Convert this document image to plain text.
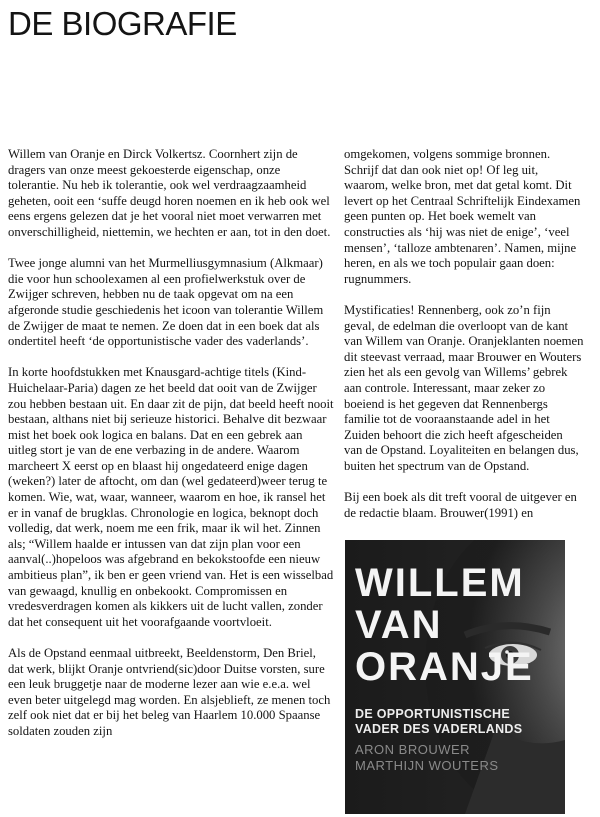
DE BIOGRAFIE

Willem van Oranje en Dirck Volkertsz. Coornhert zijn de dragers van onze meest gekoesterde eigenschap, onze tolerantie. Nu heb ik tolerantie, ook wel verdraagzaamheid geheten, ooit een ‘suffe deugd horen noemen en ik heb ook wel eens ergens gelezen dat je het vooral niet moet verwarren met onverschilligheid, niettemin, we hechten er aan, tot in den doet.

Twee jonge alumni van het Murmelliusgymnasium (Alkmaar) die voor hun schoolexamen al een profielwerkstuk over de Zwijger schreven, hebben nu de taak opgevat om na een afgeronde studie geschiedenis het icoon van tolerantie Willem de Zwijger de maat te nemen. Ze doen dat in een boek dat als ondertitel heeft ‘de opportunistische vader des vaderlands’.

In korte hoofdstukken met Knausgard-achtige titels (Kind-Huichelaar-Paria) dagen ze het beeld dat ooit van de Zwijger zou hebben bestaan uit. En daar zit de pijn, dat beeld heeft nooit bestaan, althans niet bij serieuze historici. Behalve dit bezwaar mist het boek ook logica en balans. Dat en een gebrek aan uitleg stort je van de ene verbazing in de andere. Waarom marcheert X eerst op en blaast hij ongedateerd enige dagen (weken?) later de aftocht, om dan (wel gedateerd)weer terug te komen. Wie, wat, waar, wanneer, waarom en hoe, ik ransel het er in vanaf de brugklas. Chronologie en logica, beknopt doch volledig, dat werk, noem me een frik, maar ik wil het. Zinnen als; “Willem haalde er intussen van dat zijn plan voor een aanval(..)hopeloos was afgebrand en bekokstoofde een nieuw ambitieus plan”, ik ben er geen vriend van. Het is een wisselbad van gewaagd, knullig en onbekookt. Compromissen en vredesverdragen komen als kikkers uit de lucht vallen, zonder dat het consequent uit het voorafgaande voortvloeit.

Als de Opstand eenmaal uitbreekt, Beeldenstorm, Den Briel, dat werk, blijkt Oranje ontvriend(sic)door Duitse vorsten, sure een leuk bruggetje naar de moderne lezer aan wie e.e.a. wel even beter uitgelegd mag worden. En alsjeblieft, ze menen toch zelf ook niet dat er bij het beleg van Haarlem 10.000 Spaanse soldaten zouden zijn

omgekomen, volgens sommige bronnen. Schrijf dat dan ook niet op! Of leg uit, waarom, welke bron, met dat getal komt. Dit levert op het Centraal Schriftelijk Eindexamen geen punten op. Het boek wemelt van constructies als ‘hij was niet de enige’, ‘veel mensen’, ‘talloze ambtenaren’. Namen, mijne heren, en als we toch populair gaan doen: rugnummers.

Mystificaties! Rennenberg, ook zo’n fijn geval, de edelman die overloopt van de kant van Willem van Oranje. Oranjeklanten noemen dit steevast verraad, maar Brouwer en Wouters zien het als een gevolg van Willems’ gebrek aan controle. Interessant, maar zeker zo boeiend is het gegeven dat Rennenbergs familie tot de vooraanstaande adel in het Zuiden behoort die zich heeft afgescheiden van de Opstand. Loyaliteiten en belangen dus, buiten het spectrum van de Opstand.

Bij een boek als dit treft vooral de uitgever en de redactie blaam. Brouwer(1991) en

WILLEM
VAN
ORANJE
DE OPPORTUNISTISCHE
VADER DES VADERLANDS
ARON BROUWER
MARTHIJN WOUTERS
